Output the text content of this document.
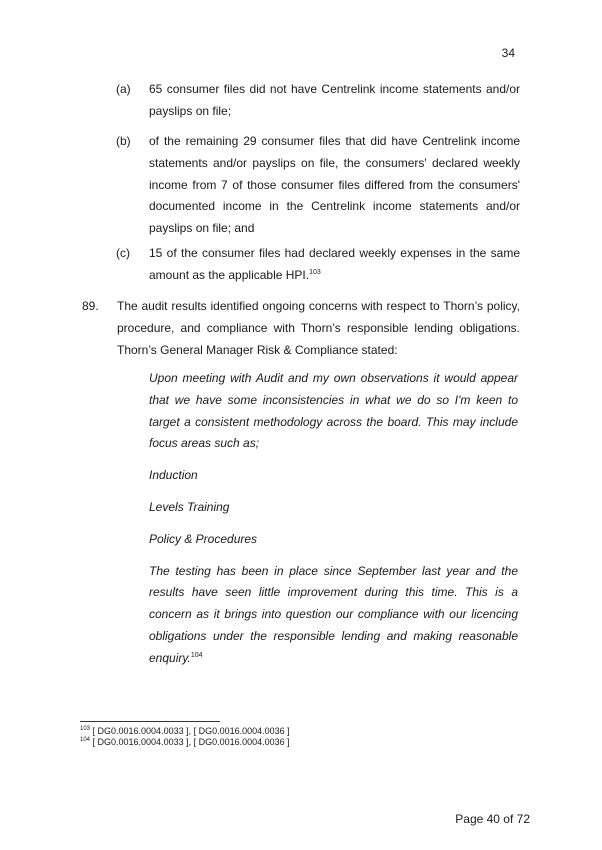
34
(a) 65 consumer files did not have Centrelink income statements and/or payslips on file;
(b) of the remaining 29 consumer files that did have Centrelink income statements and/or payslips on file, the consumers' declared weekly income from 7 of those consumer files differed from the consumers' documented income in the Centrelink income statements and/or payslips on file; and
(c) 15 of the consumer files had declared weekly expenses in the same amount as the applicable HPI.$^{103}$
89. The audit results identified ongoing concerns with respect to Thorn’s policy, procedure, and compliance with Thorn’s responsible lending obligations. Thorn’s General Manager Risk & Compliance stated:

Upon meeting with Audit and my own observations it would appear that we have some inconsistencies in what we do so I'm keen to target a consistent methodology across the board. This may include focus areas such as;

Induction

Levels Training

Policy & Procedures

The testing has been in place since September last year and the results have seen little improvement during this time. This is a concern as it brings into question our compliance with our licencing obligations under the responsible lending and making reasonable enquiry.$^{104}$

$^{103}$ [ DG0.0016.0004.0033 ], [ DG0.0016.0004.0036 ]
$^{104}$ [ DG0.0016.0004.0033 ], [ DG0.0016.0004.0036 ]
Page 40 of 72
